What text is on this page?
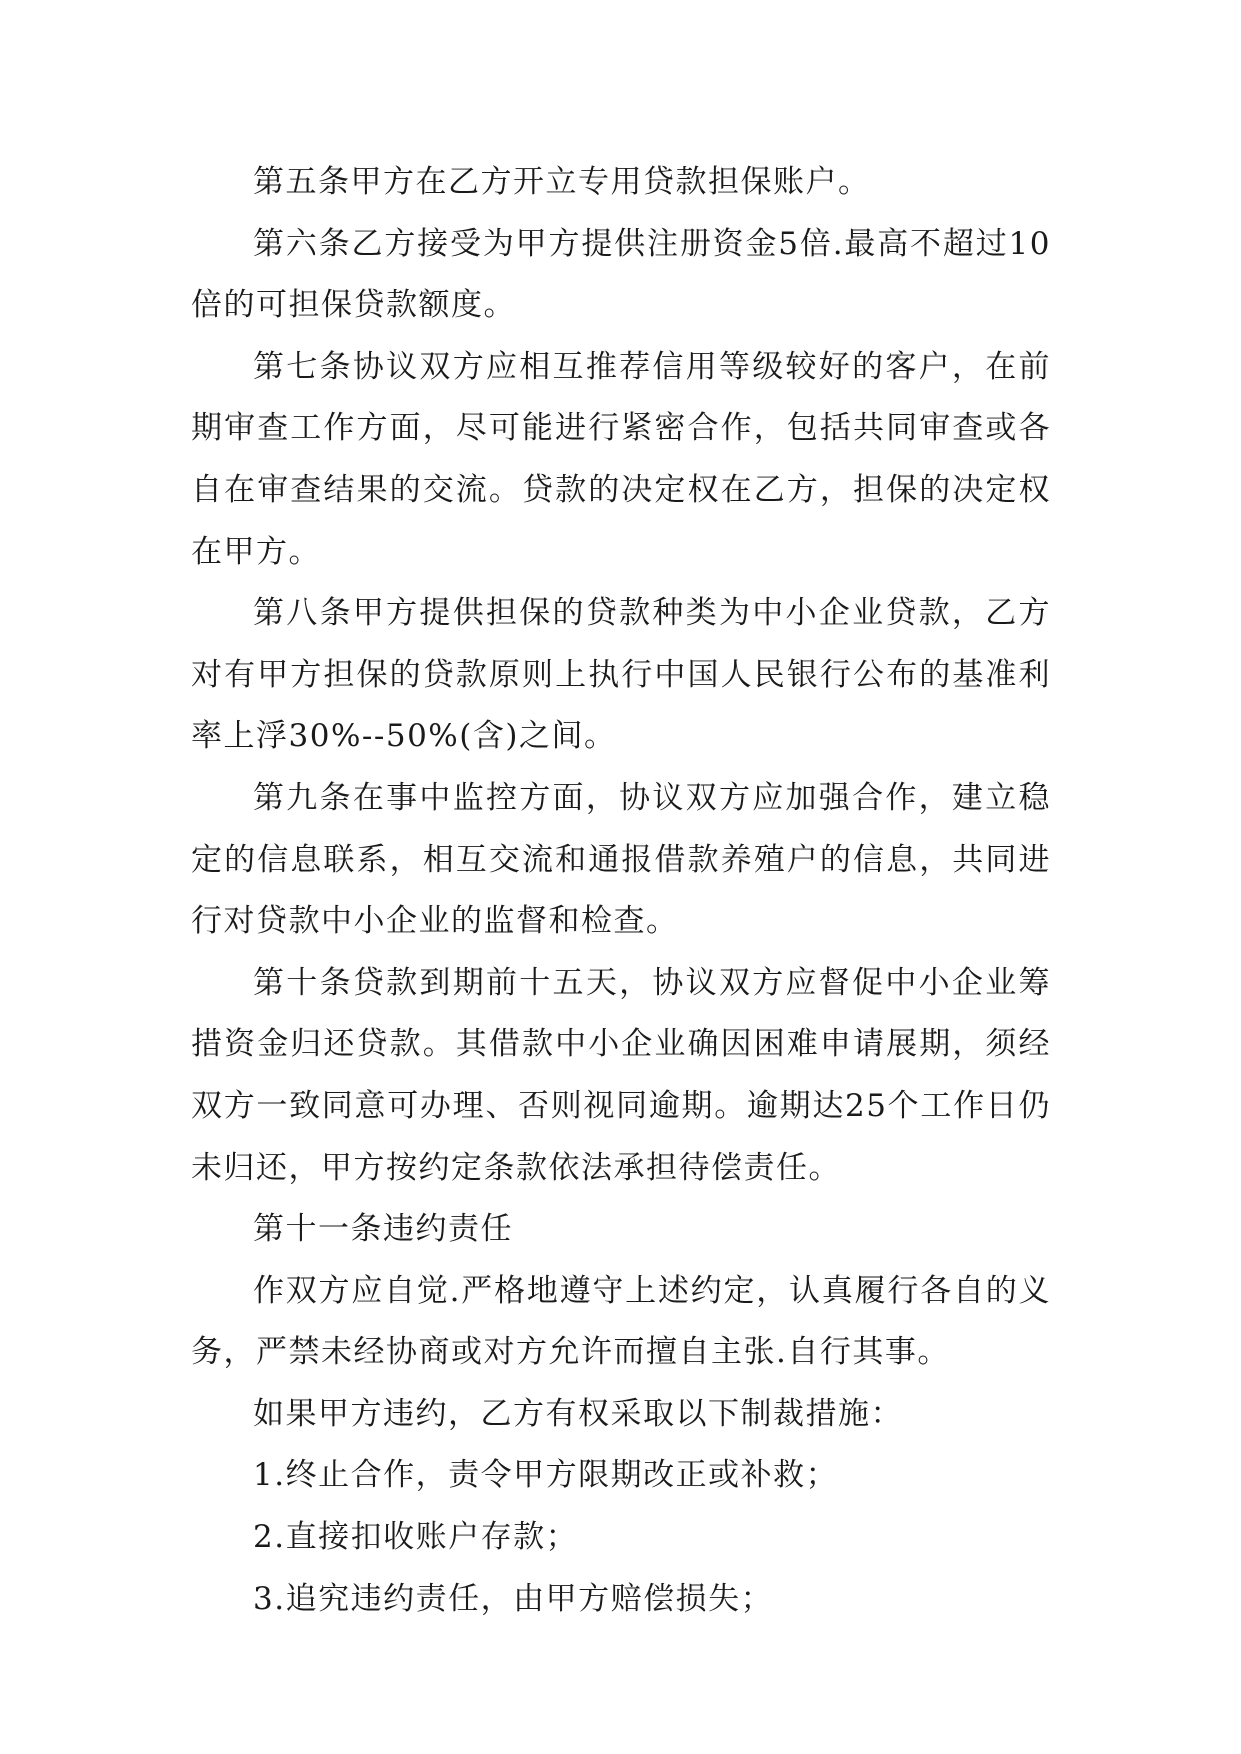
第五条甲方在乙方开立专用贷款担保账户。

第六条乙方接受为甲方提供注册资金5倍.最高不超过10倍的可担保贷款额度。

第七条协议双方应相互推荐信用等级较好的客户，在前期审查工作方面，尽可能进行紧密合作，包括共同审查或各自在审查结果的交流。贷款的决定权在乙方，担保的决定权在甲方。

第八条甲方提供担保的贷款种类为中小企业贷款，乙方对有甲方担保的贷款原则上执行中国人民银行公布的基准利率上浮30%--50%(含)之间。

第九条在事中监控方面，协议双方应加强合作，建立稳定的信息联系，相互交流和通报借款养殖户的信息，共同进行对贷款中小企业的监督和检查。

第十条贷款到期前十五天，协议双方应督促中小企业筹措资金归还贷款。其借款中小企业确因困难申请展期，须经双方一致同意可办理、否则视同逾期。逾期达25个工作日仍未归还，甲方按约定条款依法承担待偿责任。

第十一条违约责任

作双方应自觉.严格地遵守上述约定，认真履行各自的义务，严禁未经协商或对方允许而擅自主张.自行其事。

如果甲方违约，乙方有权采取以下制裁措施：

1.终止合作，责令甲方限期改正或补救；

2.直接扣收账户存款；

3.追究违约责任，由甲方赔偿损失；
